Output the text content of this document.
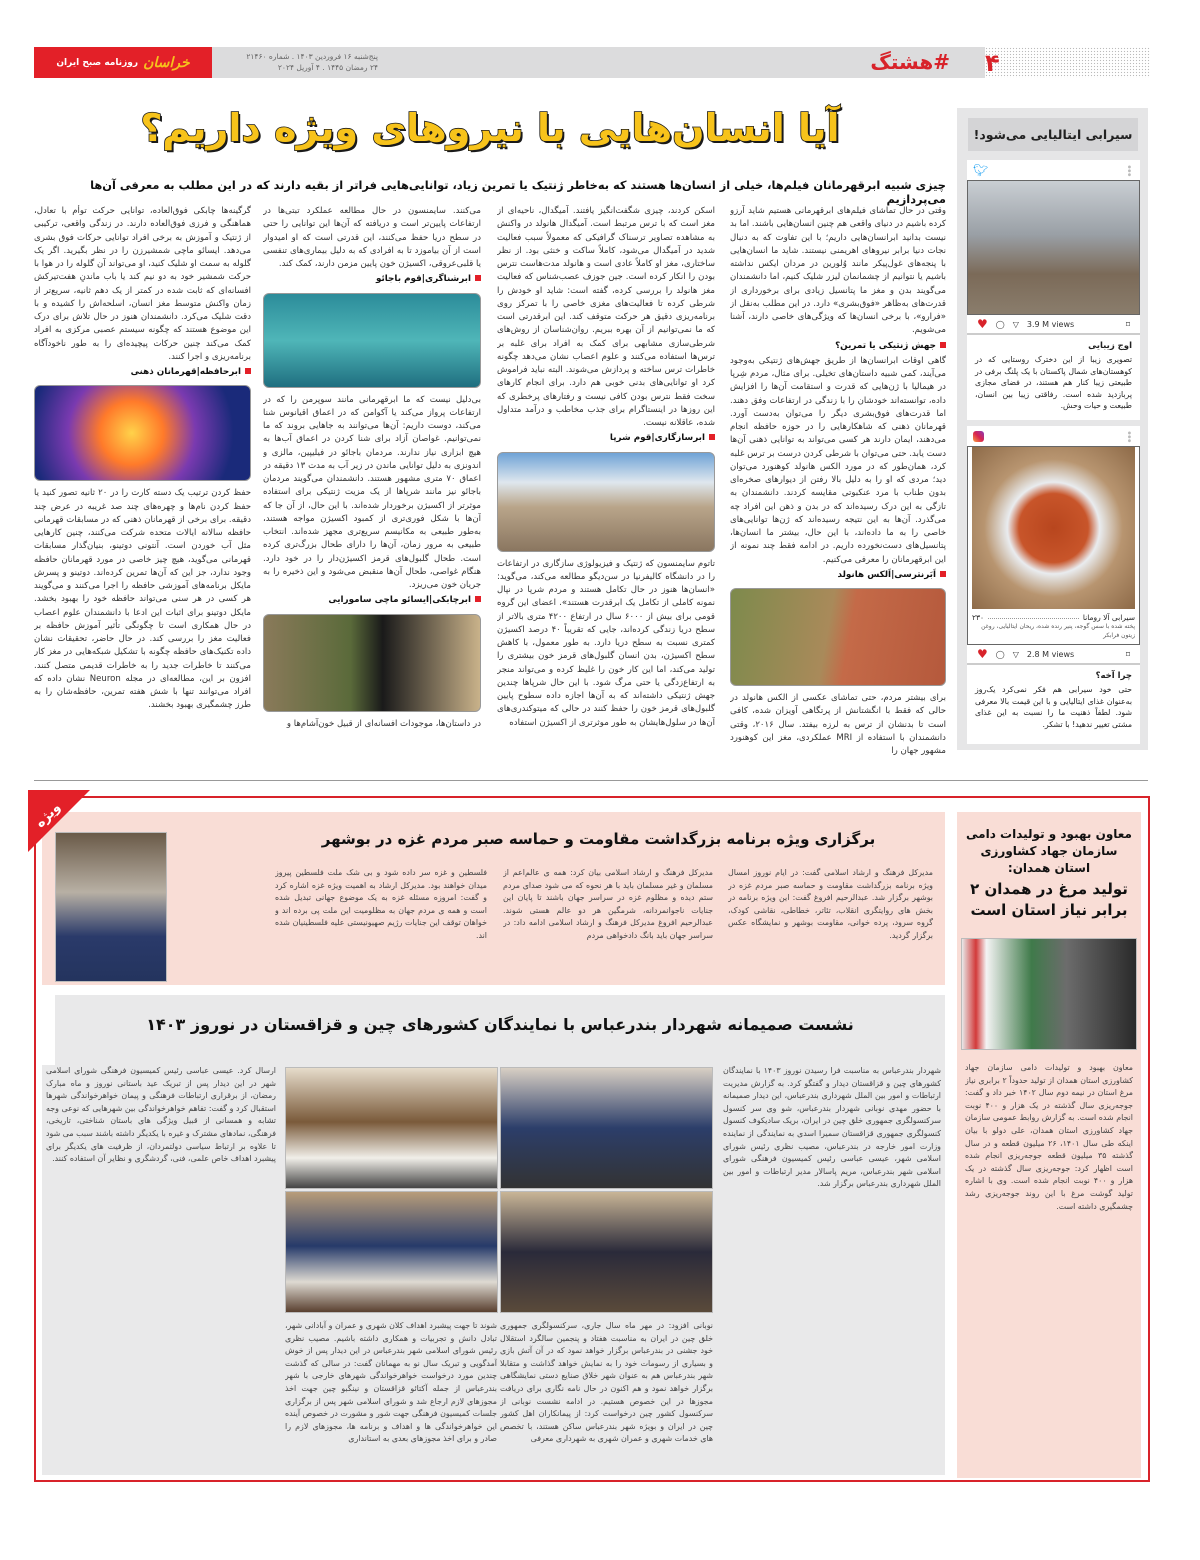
خراسان
روزنامه صبح ایران
پنج‌شنبه ۱۶ فروردین ۱۴۰۳ . شماره ۲۱۴۶۰
۲۴ رمضان ۱۴۴۵ . ۴ آوریل ۲۰۲۴	#هشتگ ۴
آیا انسان‌هایی با نیروهای ویژه داریم؟
چیزی شبیه ابرقهرمانان فیلم‌ها، خیلی از انسان‌ها هستند که به‌خاطر ژنتیک یا تمرین زیاد، توانایی‌هایی فراتر از بقیه دارند که در این مطلب به معرفی آن‌ها می‌پردازیم

وقتی در حال تماشای فیلم‌های ابرقهرمانی هستیم شاید آرزو کرده باشیم در دنیای واقعی هم چنین انسان‌هایی باشند. اما بد نیست بدانید ابرانسان‌هایی داریم؛ با این تفاوت که به دنبال نجات دنیا برابر نیروهای اهریمنی نیستند. شاید ما انسان‌هایی با پنجه‌های غول‌پیکر مانند وُلورین در مردان ایکس نداشته باشیم یا نتوانیم از چشمانمان لیزر شلیک کنیم، اما دانشمندان می‌گویند بدن و مغز ما پتانسیل زیادی برای برخورداری از قدرت‌های به‌ظاهر «فوق‌بشری» دارد. در این مطلب به‌نقل از «فرارو»، با برخی انسان‌ها که ویژگی‌های خاصی دارند، آشنا می‌شویم.

جهش ژنتیکی یا تمرین؟

گاهی اوقات ابرانسان‌ها از طریق جهش‌های ژنتیکی به‌وجود می‌آیند، کمی شبیه داستان‌های تخیلی. برای مثال، مردم شِرپا در هیمالیا با ژن‌هایی که قدرت و استقامت آن‌ها را افزایش داده، توانسته‌اند خودشان را با زندگی در ارتفاعات وفق دهند. اما قدرت‌های فوق‌بشری دیگر را می‌توان به‌دست آورد. قهرمانان ذهنی که شاهکارهایی را در حوزه حافظه انجام می‌دهند، ایمان دارند هر کسی می‌تواند به توانایی ذهنی آن‌ها دست یابد. حتی می‌توان با شرطی کردن درست بر ترس غلبه کرد، همان‌طور که در مورد الکس هانولد کوهنورد می‌توان دید؛ مردی که او را به دلیل بالا رفتن از دیوارهای صخره‌ای بدون طناب با مرد عنکبوتی مقایسه کردند. دانشمندان به تازگی به این درک رسیده‌اند که در بدن و ذهن این افراد چه می‌گذرد. آن‌ها به این نتیجه رسیده‌اند که ژن‌ها توانایی‌های خاصی را به ما داده‌اند، با این حال، بیشتر ما انسان‌ها، پتانسیل‌های دست‌نخورده داریم. در ادامه فقط چند نمونه از این ابرقهرمانان را معرفی می‌کنیم.

اَبَرنترسی|اَلکس هانولد

برای بیشتر مردم، حتی تماشای عکسی از الکس هانولد در حالی که فقط با انگشتانش از پرتگاهی آویزان شده، کافی است تا بدنشان از ترس به لرزه بیفتد. سال ۲۰۱۶، وقتی دانشمندان با استفاده از MRI عملکردی، مغز این کوهنورد مشهور جهان را

اسکن کردند، چیزی شگفت‌انگیز یافتند. آمیگدال، ناحیه‌ای از مغز است که با ترس مرتبط است. آمیگدال هانولد در واکنش به مشاهده تصاویر ترسناک گرافیکی که معمولاً سبب فعالیت شدید در آمیگدال می‌شود، کاملاً ساکت و خنثی بود. از نظر ساختاری، مغز او کاملاً عادی است و هانولد مدت‌هاست نترس بودن را انکار کرده است. جین جوزف عصب‌شناس که فعالیت مغز هانولد را بررسی کرده، گفته است: شاید او خودش را شرطی کرده تا فعالیت‌های مغزی خاصی را با تمرکز روی برنامه‌ریزی دقیق هر حرکت متوقف کند. این ابرقدرتی است که ما نمی‌توانیم از آن بهره ببریم. روان‌شناسان از روش‌های شرطی‌سازی مشابهی برای کمک به افراد برای غلبه بر ترس‌ها استفاده می‌کنند و علوم اعصاب نشان می‌دهد چگونه خاطرات ترس ساخته و پردازش می‌شوند. البته نباید فراموش کرد او توانایی‌های بدنی خوبی هم دارد. برای انجام کارهای سخت فقط نترس بودن کافی نیست و رفتارهای پرخطری که این روزها در اینستاگرام برای جذب مخاطب و درآمد متداول شده، عاقلانه نیست.

ابرسازگاری|قوم شرپا

تاتوم سایمنسون که ژنتیک و فیزیولوژی سازگاری در ارتفاعات را در دانشگاه کالیفرنیا در سن‌دیگو مطالعه می‌کند، می‌گوید: «انسان‌ها هنوز در حال تکامل هستند و مردم شرپا در نپال نمونه کاملی از تکامل یک ابرقدرت هستند». اعضای این گروه قومی برای بیش از ۶۰۰۰ سال در ارتفاع ۴۲۰۰ متری بالاتر از سطح دریا زندگی کرده‌اند، جایی که تقریباً ۴۰ درصد اکسیژن کمتری نسبت به سطح دریا دارد. به طور معمول، با کاهش سطح اکسیژن، بدن انسان گلبول‌های قرمز خون بیشتری را تولید می‌کند، اما این کار خون را غلیظ کرده و می‌تواند منجر به ارتفاع‌زدگی یا حتی مرگ شود. با این حال شرپاها چندین جهش ژنتیکی داشته‌اند که به آن‌ها اجازه داده سطوح پایین گلبول‌های قرمز خون را حفظ کنند در حالی که میتوکندری‌های آن‌ها در سلول‌هایشان به طور موثرتری از اکسیژن استفاده

می‌کنند. سایمنسون در حال مطالعه عملکرد تبتی‌ها در ارتفاعات پایین‌تر است و دریافته که آن‌ها این توانایی را حتی در سطح دریا حفظ می‌کنند، این قدرتی است که او امیدوار است از آن بیاموزد تا به افرادی که به دلیل بیماری‌های تنفسی یا قلبی‌عروقی، اکسیژن خون پایین مزمن دارند، کمک کند.

ابرشناگری|قوم باجائو

بی‌دلیل نیست که ما ابرقهرمانی مانند سوپرمن را که در ارتفاعات پرواز می‌کند یا آکوامن که در اعماق اقیانوس شنا می‌کند، دوست داریم: آن‌ها می‌توانند به جاهایی بروند که ما نمی‌توانیم. غواصان آزاد برای شنا کردن در اعماق آب‌ها به هیچ ابزاری نیاز ندارند. مردمان باجائو در فیلیپین، مالزی و اندونزی به دلیل توانایی ماندن در زیر آب به مدت ۱۳ دقیقه در اعماق ۷۰ متری مشهور هستند. دانشمندان می‌گویند مردمان باجائو نیز مانند شرپاها از یک مزیت ژنتیکی برای استفاده موثرتر از اکسیژن برخوردار شده‌اند. با این حال، از آن جا که آن‌ها با شکل فوری‌تری از کمبود اکسیژن مواجه هستند، به‌طور طبیعی به مکانیسم سریع‌تری مجهز شده‌اند. انتخاب طبیعی به مرور زمان، آن‌ها را دارای طحال بزرگ‌تری کرده است. طحال گلبول‌های قرمز اکسیژن‌دار را در خود دارد. هنگام غواصی، طحال آن‌ها منقبض می‌شود و این ذخیره را به جریان خون می‌ریزد.

ابرچابکی|ایسائو ماچی سامورایی

در داستان‌ها، موجودات افسانه‌ای از قبیل خون‌آشام‌ها و

گرگینه‌ها چابکی فوق‌العاده، توانایی حرکت توأم با تعادل، هماهنگی و فرزی فوق‌العاده دارند. در زندگی واقعی، ترکیبی از ژنتیک و آموزش به برخی افراد توانایی حرکات فوق بشری می‌دهد. ایسائو ماچی شمشیرزن را در نظر بگیرید. اگر یک گلوله به سمت او شلیک کنید، او می‌تواند آن گلوله را در هوا با حرکت شمشیر خود به دو نیم کند یا باب ماندنِ هفت‌تیرکش افسانه‌ای که ثابت شده در کمتر از یک دهم ثانیه، سریع‌تر از زمان واکنش متوسط مغز انسان، اسلحه‌اش را کشیده و با دقت شلیک می‌کرد. دانشمندان هنوز در حال تلاش برای درک این موضوع هستند که چگونه سیستم عصبی مرکزی به افراد کمک می‌کند چنین حرکات پیچیده‌ای را به طور ناخودآگاه برنامه‌ریزی و اجرا کنند.

ابرحافظه|قهرمانان ذهنی

حفظ کردن ترتیب یک دسته کارت را در ۲۰ ثانیه تصور کنید یا حفظ کردن نام‌ها و چهره‌های چند صد غریبه در عرض چند دقیقه. برای برخی از قهرمانان ذهنی که در مسابقات قهرمانی حافظه سالانه ایالات متحده شرکت می‌کنند، چنین کارهایی مثل آب خوردن است. آنتونی دوتینو، بنیان‌گذار مسابقات قهرمانی می‌گوید، هیچ چیز خاصی در مورد قهرمانان حافظه وجود ندارد، جز این که آن‌ها تمرین کرده‌اند. دوتینو و پسرش مایکل برنامه‌های آموزشی حافظه را اجرا می‌کنند و می‌گویند هر کسی در هر سنی می‌تواند حافظه خود را بهبود بخشد. مایکل دوتینو برای اثبات این ادعا با دانشمندان علوم اعصاب در حال همکاری است تا چگونگی تأثیر آموزش حافظه بر فعالیت مغز را بررسی کند. در حال حاضر، تحقیقات نشان داده تکنیک‌های حافظه چگونه با تشکیل شبکه‌هایی در مغز کار می‌کنند تا خاطرات جدید را به خاطرات قدیمی متصل کنند. افزون بر این، مطالعه‌ای در مجله Neuron نشان داده که افراد می‌توانند تنها با شش هفته تمرین، حافظه‌شان را به طرز چشمگیری بهبود بخشند.

سیرابی ایتالیایی می‌شود!
🐦︎	•••
♥ ◯ ▽ 3.9 M views	⌑
اوج زیبایی
تصویری زیبا از این دخترک روستایی که در کوهستان‌های شمال پاکستان با یک پلنگ برفی در طبیعتی زیبا کنار هم هستند، در فضای مجازی پربازدید شده است. رفاقتی زیبا بین انسان، طبیعت و حیات وحش.
•••
سیرابی آلا رومانا
۲۳۰
پخته شده با سس گوجه، پنیر رنده شده، ریحان ایتالیایی، روغن زیتون فرابکر
♥ ◯ ▽ 2.8 M views	⌑
چرا آخه؟
حتی خود سیرابی هم فکر نمی‌کرد یک‌روز به‌عنوان غذای ایتالیایی و با این قیمت بالا معرفی شود. لطفاً ذهنیت ما را نسبت به این غذای مشتی تغییر ندهید! با تشکر.
برگزاری ویژه برنامه بزرگداشت مقاومت و حماسه صبر مردم غزه در بوشهر
مدیرکل فرهنگ و ارشاد اسلامی گفت: در ایام نوروز امسال ویژه برنامه بزرگداشت مقاومت و حماسه صبر مردم غزه در بوشهر برگزار شد. عبدالرحیم افروغ گفت: این ویژه برنامه در بخش های روایتگری انقلاب، تئاتر، خطاطی، نقاشی کودک، گروه سرود، پرده خوانی، مقاومت بوشهر و نمایشگاه عکس برگزار گردید.
مدیرکل فرهنگ و ارشاد اسلامی بیان کرد: همه ی عالم‌اعم از مسلمان و غیر مسلمان باید با هر نحوه که می شود صدای مردم ستم دیده و مظلوم غزه در سراسر جهان باشند تا پایان این جنایات ناجوانمردانه، شرمگین هر دو عالم هستی شوند. عبدالرحیم افروغ مدیرکل فرهنگ و ارشاد اسلامی ادامه داد: در سراسر جهان باید بانگ دادخواهی مردم
فلسطین و غزه سر داده شود و بی شک ملت فلسطین پیروز میدان خواهند بود. مدیرکل ارشاد به اهمیت ویژه غزه اشاره کرد و گفت: امروزه مسئله غزه به یک موضوع جهانی تبدیل شده است و همه ی مردم جهان به مظلومیت این ملت پی برده اند و خواهان توقف این جنایات رژیم صهیونیستی علیه فلسطینیان شده اند.
ویژه
معاون بهبود و تولیدات دامی سازمان جهاد کشاورزی استان همدان:
تولید مرغ در همدان ۲ برابر نیاز استان است
معاون بهبود و تولیدات دامی سازمان جهاد کشاورزی استان همدان از تولید حدوداً ۲ برابری نیاز مرغ استان در نیمه دوم سال ۱۴۰۲ خبر داد و گفت: جوجه‌ریزی سال گذشته در یک هزار و ۴۰۰ نوبت انجام شده است. به گزارش روابط عمومی سازمان جهاد کشاورزی استان همدان، علی دولو با بیان اینکه طی سال ۱۴۰۱، ۲۶ میلیون قطعه و در سال گذشته ۳۵ میلیون قطعه جوجه‌ریزی انجام شده است اظهار کرد: جوجه‌ریزی سال گذشته در یک هزار و ۴۰۰ نوبت انجام شده است. وی با اشاره تولید گوشت مرغ با این روند جوجه‌ریزی رشد چشمگیری داشته است.
نشست صمیمانه شهردار بندرعباس با نمایندگان کشورهای چین و قزاقستان در نوروز ۱۴۰۳
شهردار بندرعباس به مناسبت فرا رسیدن نوروز ۱۴۰۳ با نمایندگان کشورهای چین و قزاقستان دیدار و گفتگو کرد. به گزارش مدیریت ارتباطات و امور بین الملل شهرداری بندرعباس، این دیدار صمیمانه با حضور مهدی نوبانی شهردار بندرعباس، شو وی سر کنسول سرکنسولگری جمهوری خلق چین در ایران، بریک سادیکوف کنسول کنسولگری جمهوری قزاقستان سمیرا اسدی به نمایندگی از نماینده وزارت امور خارجه در بندرعباس، مصیب نظری رئیس شورای اسلامی شهر، عیسی عباسی رئیس کمیسیون فرهنگی شورای اسلامی شهر بندرعباس، مریم پاسالار مدیر ارتباطات و امور بین الملل شهرداری بندرعباس برگزار شد.
نوبانی افزود: در مهر ماه سال جاری، سرکنسولگری جمهوری خلق چین در ایران به مناسبت هفتاد و پنجمین سالگرد استقلال خود جشنی در بندرعباس برگزار خواهد نمود که در آن آتش بازی و بسیاری از رسومات خود را به نمایش خواهد گذاشت و متقابلا شهر بندرعباس هم به عنوان شهر خلاق صنایع دستی نمایشگاهی برگزار خواهد نمود و هم اکنون در حال نامه نگاری برای دریافت مجوزها در این خصوص هستیم. در ادامه نشست نوبانی از سرکنسول کشور چین درخواست کرد: از پیمانکاران اهل کشور چین در ایران و بویژه شهر بندرعباس ساکن هستند، با تخصص های خدمات شهری و عمران شهری به شهرداری معرفی
شوند تا جهت پیشبرد اهداف کلان شهری و عمران و آبادانی شهر، تبادل دانش و تجربیات و همکاری داشته باشیم. مصیب نظری رئیس شورای اسلامی شهر بندرعباس در این دیدار پس از خوش آمدگویی و تبریک سال نو به مهمانان گفت: در سالی که گذشت چندین مورد درخواست خواهرخواندگی شهرهای خارجی با شهر بندرعباس از جمله آکتائو قزاقستان و نینگبو چین جهت اخذ مجوزهای لازم ارجاع شد و شورای اسلامی شهر پس از برگزاری جلسات کمیسیون فرهنگی جهت شور و مشورت در خصوص آینده این خواهرخواندگی ها و اهداف و برنامه ها، مجوزهای لازم را صادر و برای اخذ مجوزهای بعدی به استانداری
ارسال کرد. عیسی عباسی رئیس کمیسیون فرهنگی شورای اسلامی شهر در این دیدار پس از تبریک عید باستانی نوروز و ماه مبارک رمضان، از برقراری ارتباطات فرهنگی و پیمان خواهرخواندگی شهرها استقبال کرد و گفت: تفاهم خواهرخواندگی بین شهرهایی که نوعی وجه تشابه و همسانی از قبیل ویژگی های باستان شناختی، تاریخی، فرهنگی، نمادهای مشترک و غیره با یکدیگر داشته باشند سبب می شود تا علاوه بر ارتباط سیاسی دولتمردان، از ظرفیت های یکدیگر برای پیشبرد اهداف خاص علمی، فنی، گردشگری و نظایر آن استفاده کنند.
